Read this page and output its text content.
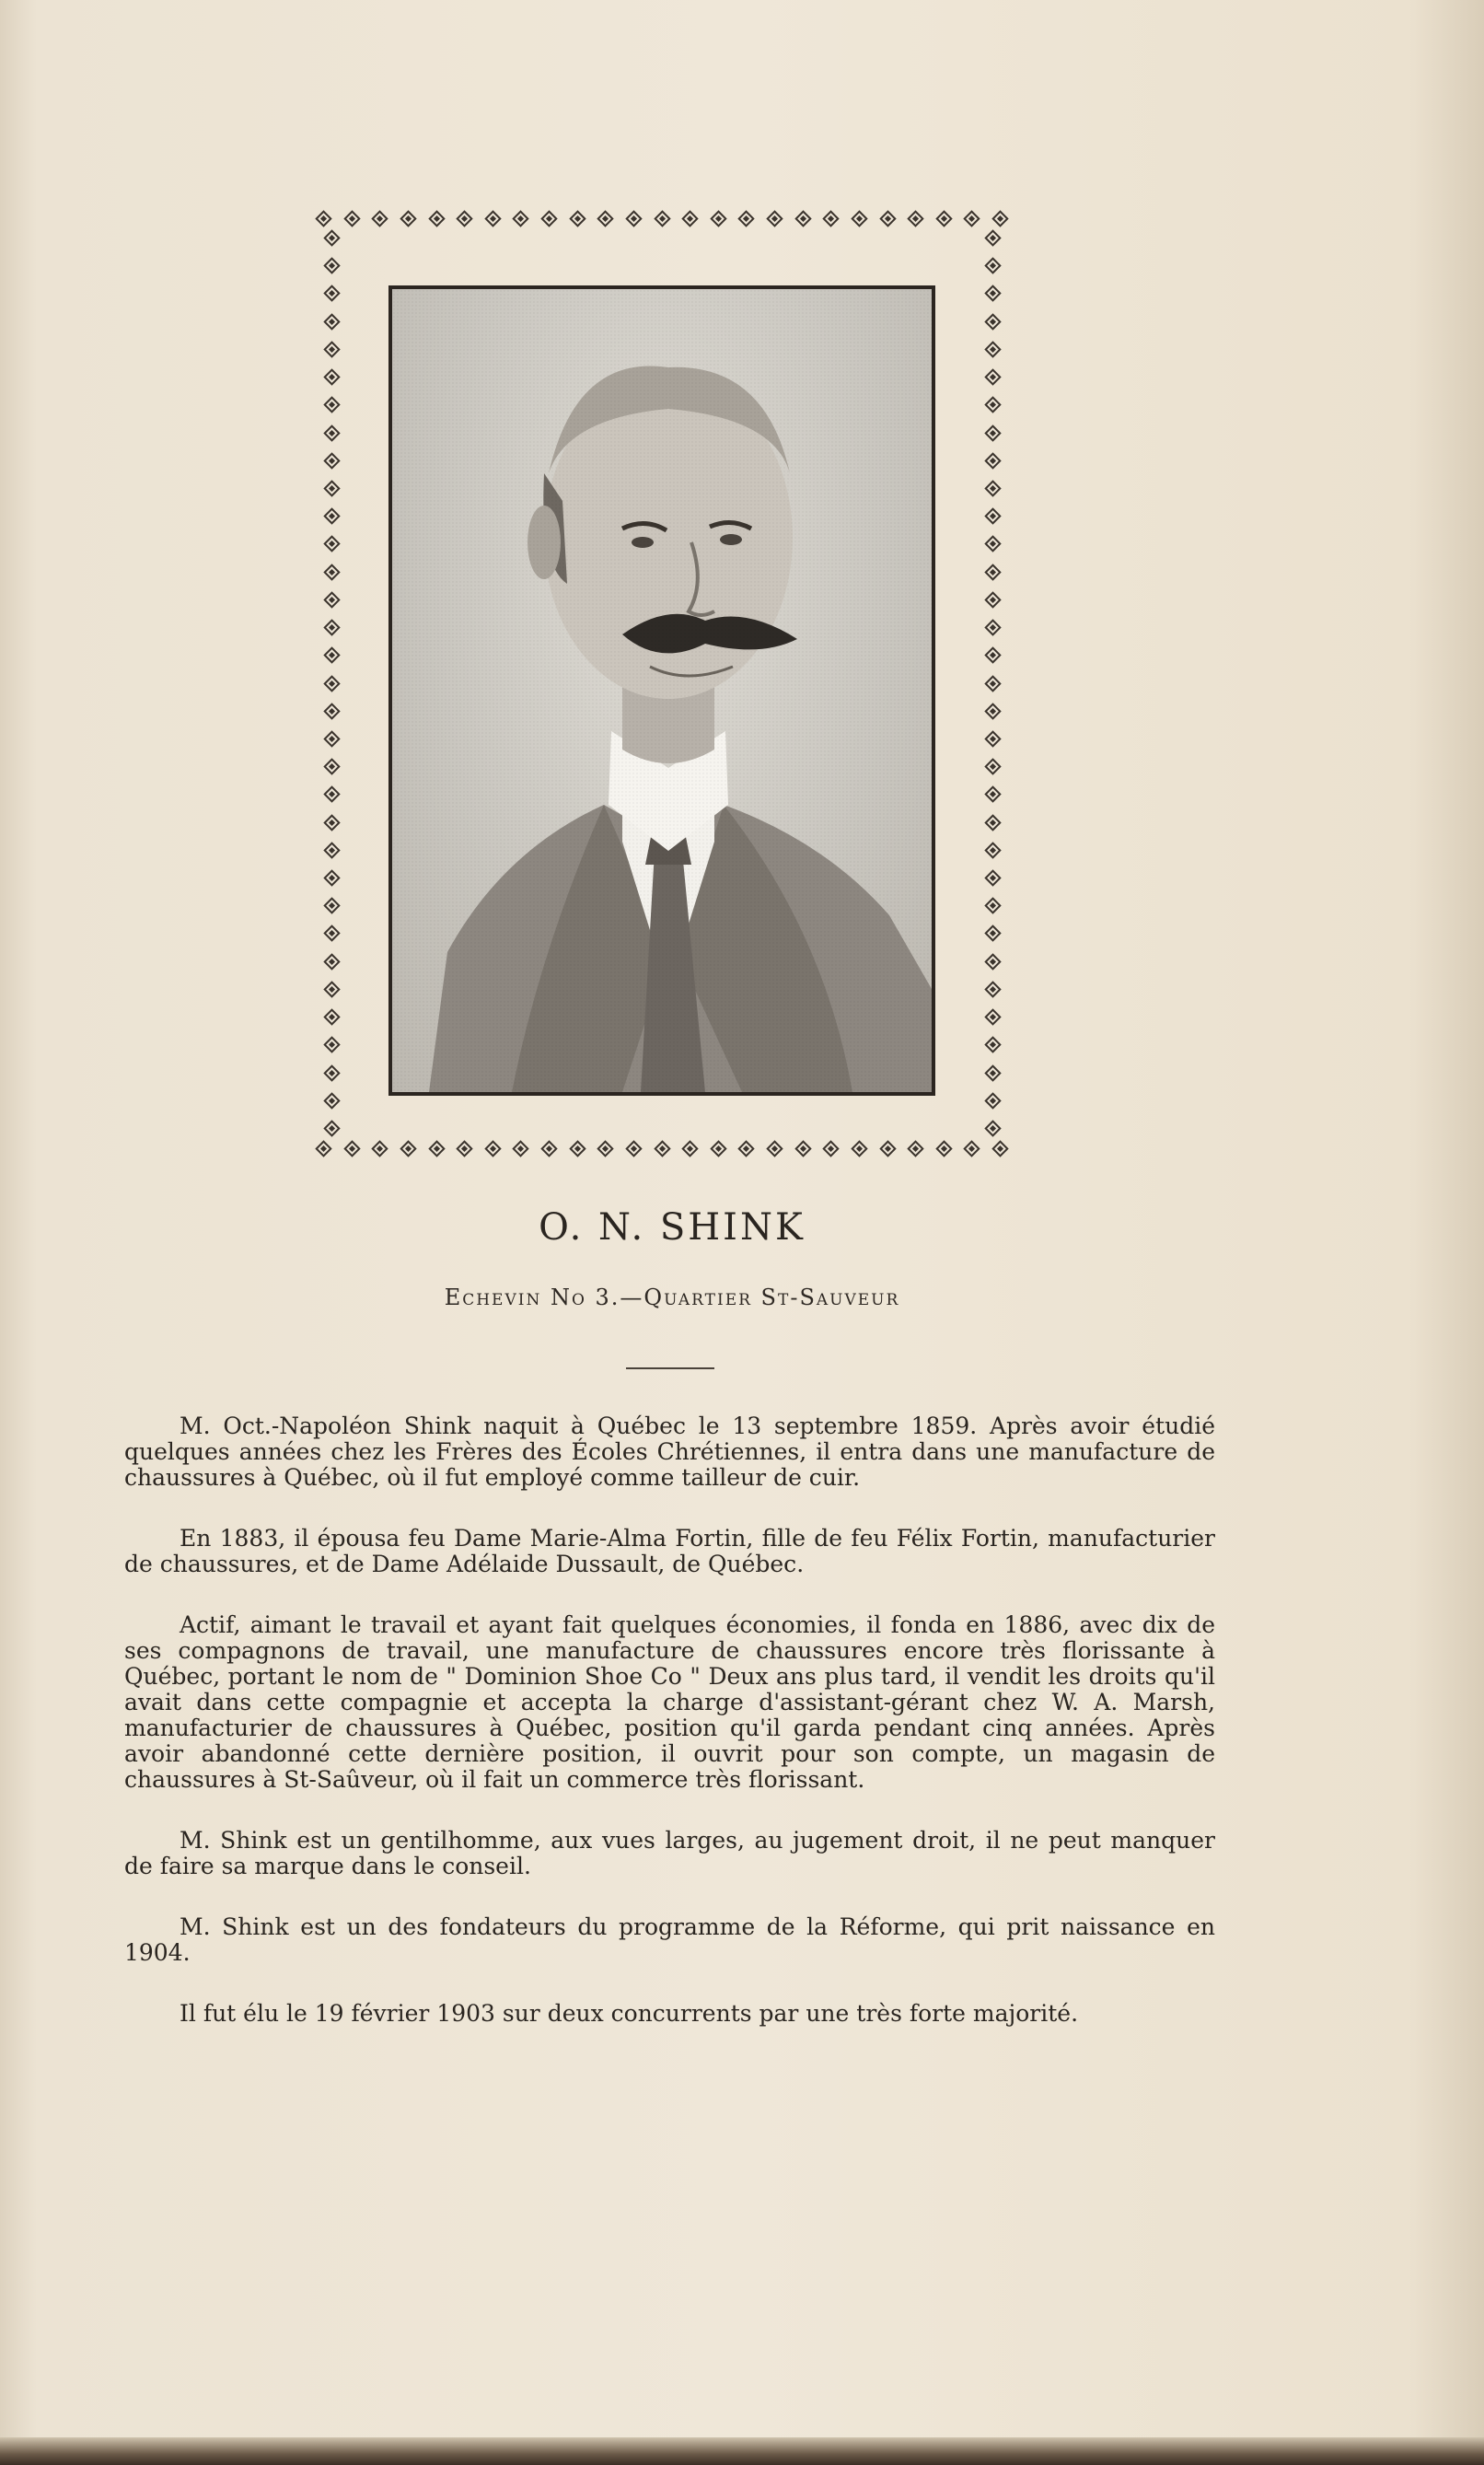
O. N. SHINK
Echevin No 3.—Quartier St-Sauveur

M. Oct.-Napoléon Shink naquit à Québec le 13 septembre 1859. Après avoir étudié quelques années chez les Frères des Écoles Chrétiennes, il entra dans une manufacture de chaussures à Québec, où il fut employé comme tailleur de cuir.

En 1883, il épousa feu Dame Marie-Alma Fortin, fille de feu Félix Fortin, manufacturier de chaussures, et de Dame Adélaide Dussault, de Québec.

Actif, aimant le travail et ayant fait quelques économies, il fonda en 1886, avec dix de ses compagnons de travail, une manufacture de chaussures encore très florissante à Québec, portant le nom de " Dominion Shoe Co " Deux ans plus tard, il vendit les droits qu'il avait dans cette compagnie et accepta la charge d'assistant-gérant chez W. A. Marsh, manufacturier de chaussures à Québec, position qu'il garda pendant cinq années. Après avoir abandonné cette dernière position, il ouvrit pour son compte, un magasin de chaussures à St-Saûveur, où il fait un commerce très florissant.

M. Shink est un gentilhomme, aux vues larges, au jugement droit, il ne peut manquer de faire sa marque dans le conseil.

M. Shink est un des fondateurs du programme de la Réforme, qui prit naissance en 1904.

Il fut élu le 19 février 1903 sur deux concurrents par une très forte majorité.
